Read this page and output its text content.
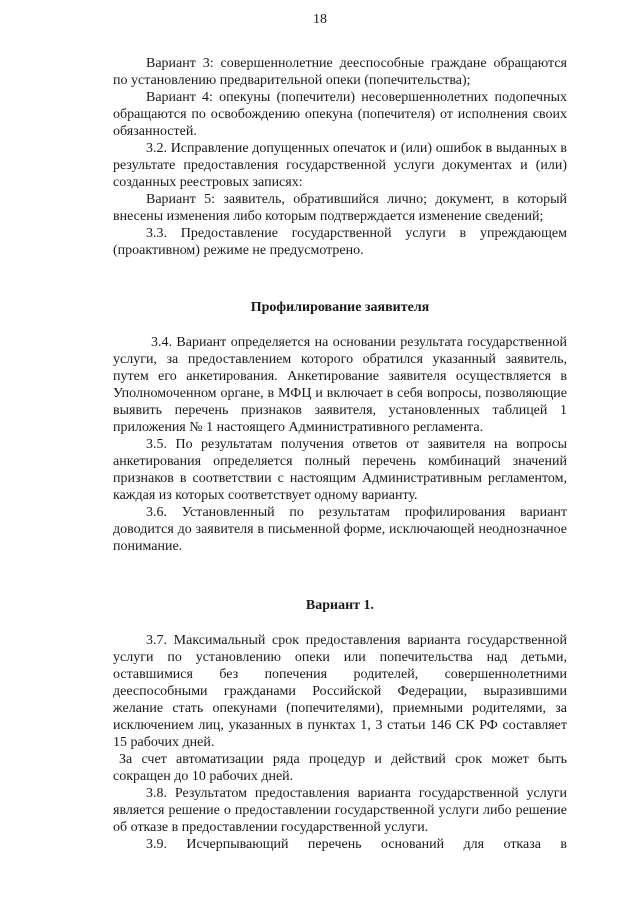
18

Вариант 3: совершеннолетние дееспособные граждане обращаются по установлению предварительной опеки (попечительства);

Вариант 4: опекуны (попечители) несовершеннолетних подопечных обращаются по освобождению опекуна (попечителя) от исполнения своих обязанностей.

3.2. Исправление допущенных опечаток и (или) ошибок в выданных в результате предоставления государственной услуги документах и (или) созданных реестровых записях:

Вариант 5: заявитель, обратившийся лично; документ, в который внесены изменения либо которым подтверждается изменение сведений;

3.3. Предоставление государственной услуги в упреждающем (проактивном) режиме не предусмотрено.

Профилирование заявителя

3.4. Вариант определяется на основании результата государственной услуги, за предоставлением которого обратился указанный заявитель, путем его анкетирования. Анкетирование заявителя осуществляется в Уполномоченном органе, в МФЦ и включает в себя вопросы, позволяющие выявить перечень признаков заявителя, установленных таблицей 1 приложения № 1 настоящего Административного регламента.

3.5. По результатам получения ответов от заявителя на вопросы анкетирования определяется полный перечень комбинаций значений признаков в соответствии с настоящим Административным регламентом, каждая из которых соответствует одному варианту.

3.6. Установленный по результатам профилирования вариант доводится до заявителя в письменной форме, исключающей неоднозначное понимание.

Вариант 1.

3.7. Максимальный срок предоставления варианта государственной услуги по установлению опеки или попечительства над детьми, оставшимися без попечения родителей, совершеннолетними дееспособными гражданами Российской Федерации, выразившими желание стать опекунами (попечителями), приемными родителями, за исключением лиц, указанных в пунктах 1, 3 статьи 146 СК РФ составляет 15 рабочих дней.

За счет автоматизации ряда процедур и действий срок может быть сокращен до 10 рабочих дней.

3.8. Результатом предоставления варианта государственной услуги является решение о предоставлении государственной услуги либо решение об отказе в предоставлении государственной услуги.

3.9. Исчерпывающий перечень оснований для отказа в
